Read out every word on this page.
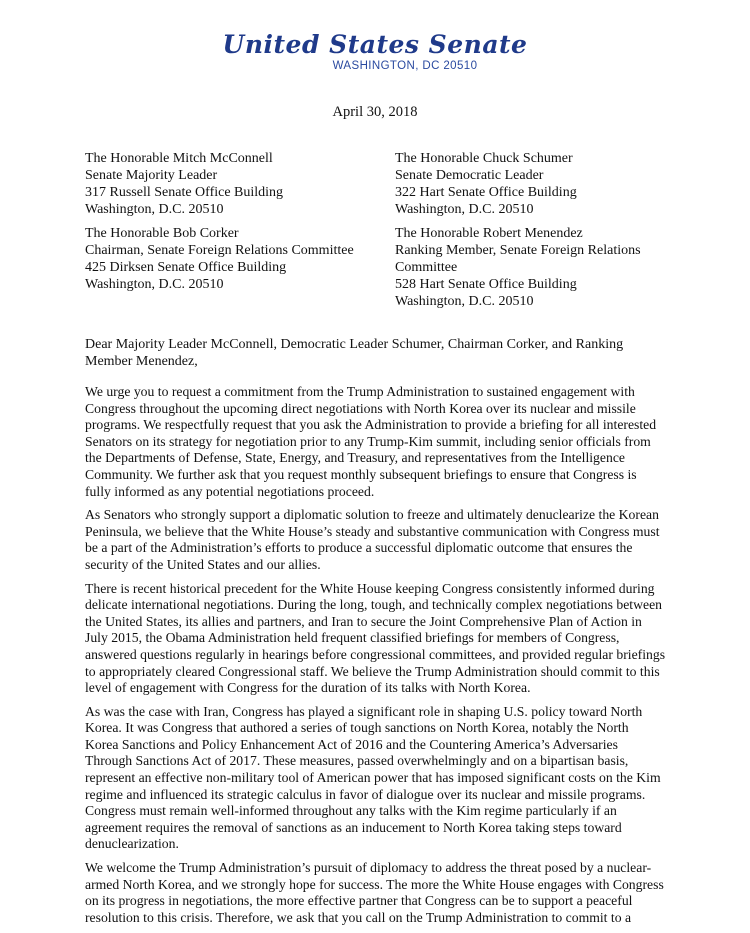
United States Senate
WASHINGTON, DC 20510
April 30, 2018
The Honorable Mitch McConnell
Senate Majority Leader
317 Russell Senate Office Building
Washington, D.C. 20510
The Honorable Chuck Schumer
Senate Democratic Leader
322 Hart Senate Office Building
Washington, D.C. 20510
The Honorable Bob Corker
Chairman, Senate Foreign Relations Committee
425 Dirksen Senate Office Building
Washington, D.C. 20510
The Honorable Robert Menendez
Ranking Member, Senate Foreign Relations
Committee
528 Hart Senate Office Building
Washington, D.C. 20510
Dear Majority Leader McConnell, Democratic Leader Schumer, Chairman Corker, and Ranking Member Menendez,

We urge you to request a commitment from the Trump Administration to sustained engagement with Congress throughout the upcoming direct negotiations with North Korea over its nuclear and missile programs. We respectfully request that you ask the Administration to provide a briefing for all interested Senators on its strategy for negotiation prior to any Trump-Kim summit, including senior officials from the Departments of Defense, State, Energy, and Treasury, and representatives from the Intelligence Community. We further ask that you request monthly subsequent briefings to ensure that Congress is fully informed as any potential negotiations proceed.

As Senators who strongly support a diplomatic solution to freeze and ultimately denuclearize the Korean Peninsula, we believe that the White House’s steady and substantive communication with Congress must be a part of the Administration’s efforts to produce a successful diplomatic outcome that ensures the security of the United States and our allies.

There is recent historical precedent for the White House keeping Congress consistently informed during delicate international negotiations. During the long, tough, and technically complex negotiations between the United States, its allies and partners, and Iran to secure the Joint Comprehensive Plan of Action in July 2015, the Obama Administration held frequent classified briefings for members of Congress, answered questions regularly in hearings before congressional committees, and provided regular briefings to appropriately cleared Congressional staff. We believe the Trump Administration should commit to this level of engagement with Congress for the duration of its talks with North Korea.

As was the case with Iran, Congress has played a significant role in shaping U.S. policy toward North Korea. It was Congress that authored a series of tough sanctions on North Korea, notably the North Korea Sanctions and Policy Enhancement Act of 2016 and the Countering America’s Adversaries Through Sanctions Act of 2017. These measures, passed overwhelmingly and on a bipartisan basis, represent an effective non-military tool of American power that has imposed significant costs on the Kim regime and influenced its strategic calculus in favor of dialogue over its nuclear and missile programs. Congress must remain well-informed throughout any talks with the Kim regime particularly if an agreement requires the removal of sanctions as an inducement to North Korea taking steps toward denuclearization.

We welcome the Trump Administration’s pursuit of diplomacy to address the threat posed by a nuclear-armed North Korea, and we strongly hope for success. The more the White House engages with Congress on its progress in negotiations, the more effective partner that Congress can be to support a peaceful resolution to this crisis. Therefore, we ask that you call on the Trump Administration to commit to a
